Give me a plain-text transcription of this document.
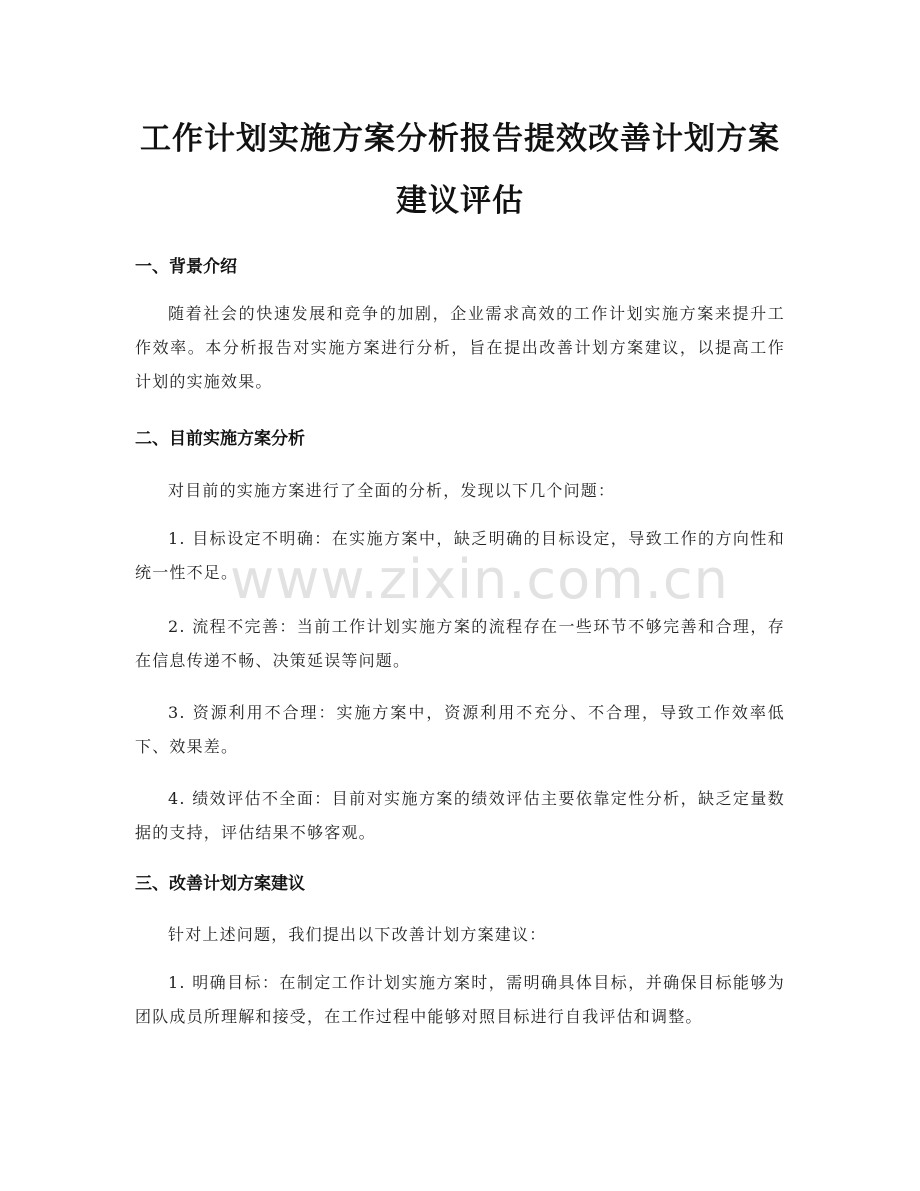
工作计划实施方案分析报告提效改善计划方案建议评估
一、背景介绍
随着社会的快速发展和竞争的加剧，企业需求高效的工作计划实施方案来提升工作效率。本分析报告对实施方案进行分析，旨在提出改善计划方案建议，以提高工作计划的实施效果。
二、目前实施方案分析
对目前的实施方案进行了全面的分析，发现以下几个问题：
1. 目标设定不明确：在实施方案中，缺乏明确的目标设定，导致工作的方向性和统一性不足。
2. 流程不完善：当前工作计划实施方案的流程存在一些环节不够完善和合理，存在信息传递不畅、决策延误等问题。
3. 资源利用不合理：实施方案中，资源利用不充分、不合理，导致工作效率低下、效果差。
4. 绩效评估不全面：目前对实施方案的绩效评估主要依靠定性分析，缺乏定量数据的支持，评估结果不够客观。
三、改善计划方案建议
针对上述问题，我们提出以下改善计划方案建议：
1. 明确目标：在制定工作计划实施方案时，需明确具体目标，并确保目标能够为团队成员所理解和接受，在工作过程中能够对照目标进行自我评估和调整。
www.zixin.com.cn
